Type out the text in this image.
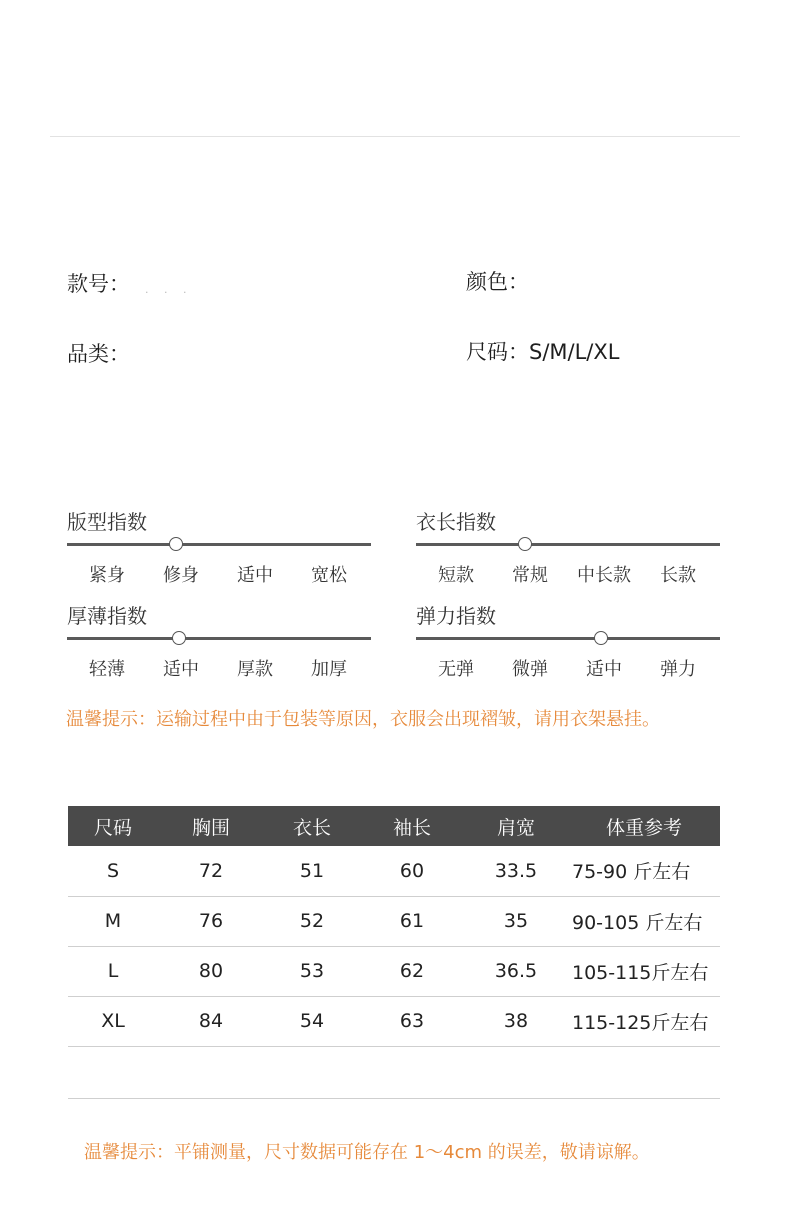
款号： . . .	颜色：
品类：	尺码：S/M/L/XL
版型指数
紧身	修身	适中	宽松
衣长指数
短款	常规	中长款	长款
厚薄指数
轻薄	适中	厚款	加厚
弹力指数
无弹	微弹	适中	弹力
温馨提示：运输过程中由于包装等原因，衣服会出现褶皱，请用衣架悬挂。
尺码	胸围	衣长	袖长	肩宽	体重参考
S	72	51	60	33.5	75-90 斤左右
M	76	52	61	35	90-105 斤左右
L	80	53	62	36.5	105-115斤左右
XL	84	54	63	38	115-125斤左右
温馨提示：平铺测量，尺寸数据可能存在 1～4cm 的误差，敬请谅解。
